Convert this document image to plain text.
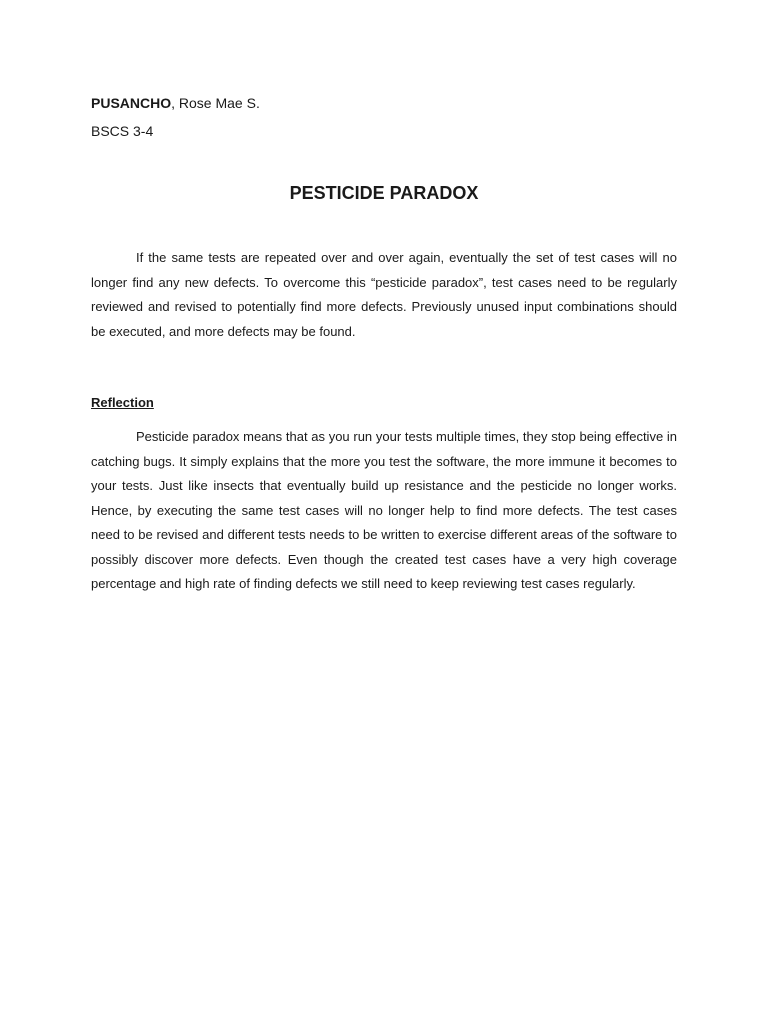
PUSANCHO, Rose Mae S.
BSCS 3-4
PESTICIDE PARADOX

If the same tests are repeated over and over again, eventually the set of test cases will no longer find any new defects. To overcome this “pesticide paradox”, test cases need to be regularly reviewed and revised to potentially find more defects. Previously unused input combinations should be executed, and more defects may be found.

Reflection

Pesticide paradox means that as you run your tests multiple times, they stop being effective in catching bugs. It simply explains that the more you test the software, the more immune it becomes to your tests. Just like insects that eventually build up resistance and the pesticide no longer works. Hence, by executing the same test cases will no longer help to find more defects. The test cases need to be revised and different tests needs to be written to exercise different areas of the software to possibly discover more defects. Even though the created test cases have a very high coverage percentage and high rate of finding defects we still need to keep reviewing test cases regularly.
